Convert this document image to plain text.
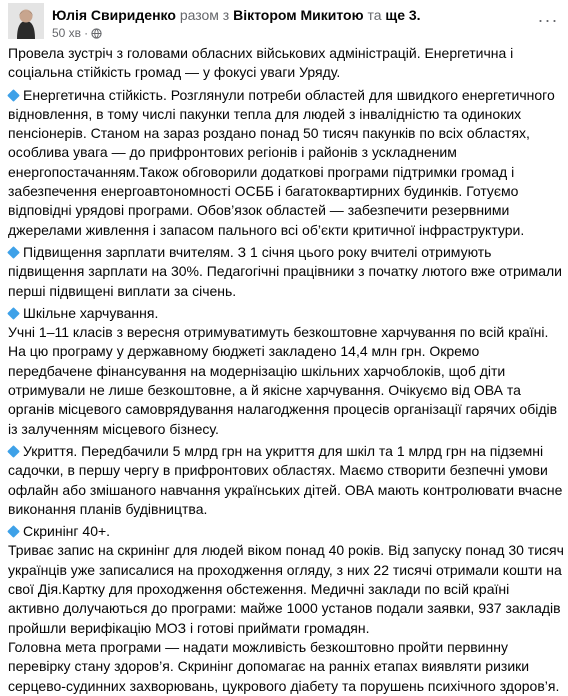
Юлія Свириденко разом з Віктором Микитою та ще 3.
50 хв ·
···

Провела зустріч з головами обласних військових адміністрацій. Енергетична і соціальна стійкість громад — у фокусі уваги Уряду.

Енергетична стійкість. Розглянули потреби областей для швидкого енергетичного відновлення, в тому числі пакунки тепла для людей з інвалідністю та одиноких пенсіонерів. Станом на зараз роздано понад 50 тисяч пакунків по всіх областях, особлива увага — до прифронтових регіонів і районів з ускладненим енергопостачанням.Також обговорили додаткові програми підтримки громад і забезпечення енергоавтономності ОСББ і багатоквартирних будинків. Готуємо відповідні урядові програми. Обов’язок областей — забезпечити резервними джерелами живлення і запасом пального всі об’єкти критичної інфраструктури.

Підвищення зарплати вчителям. З 1 січня цього року вчителі отримують підвищення зарплати на 30%. Педагогічні працівники з початку лютого вже отримали перші підвищені виплати за січень.

Шкільне харчування.

Учні 1–11 класів з вересня отримуватимуть безкоштовне харчування по всій країні. На цю програму у державному бюджеті закладено 14,4 млн грн. Окремо передбачене фінансування на модернізацію шкільних харчоблоків, щоб діти отримували не лише безкоштовне, а й якісне харчування. Очікуємо від ОВА та органів місцевого самоврядування налагодження процесів організації гарячих обідів із залученням місцевого бізнесу.

Укриття. Передбачили 5 млрд грн на укриття для шкіл та 1 млрд грн на підземні садочки, в першу чергу в прифронтових областях. Маємо створити безпечні умови офлайн або змішаного навчання українських дітей. ОВА мають контролювати вчасне виконання планів будівництва.

Скринінг 40+.

Триває запис на скринінг для людей віком понад 40 років. Від запуску понад 30 тисяч українців уже записалися на проходження огляду, з них 22 тисячі отримали кошти на свої Дія.Картку для проходження обстеження. Медичні заклади по всій країні активно долучаються до програми: майже 1000 установ подали заявки, 937 закладів пройшли верифікацію МОЗ і готові приймати громадян.

Головна мета програми — надати можливість безкоштовно пройти первинну перевірку стану здоров’я. Скринінг допомагає на ранніх етапах виявляти ризики серцево-судинних захворювань, цукрового діабету та порушень психічного здоров’я.
